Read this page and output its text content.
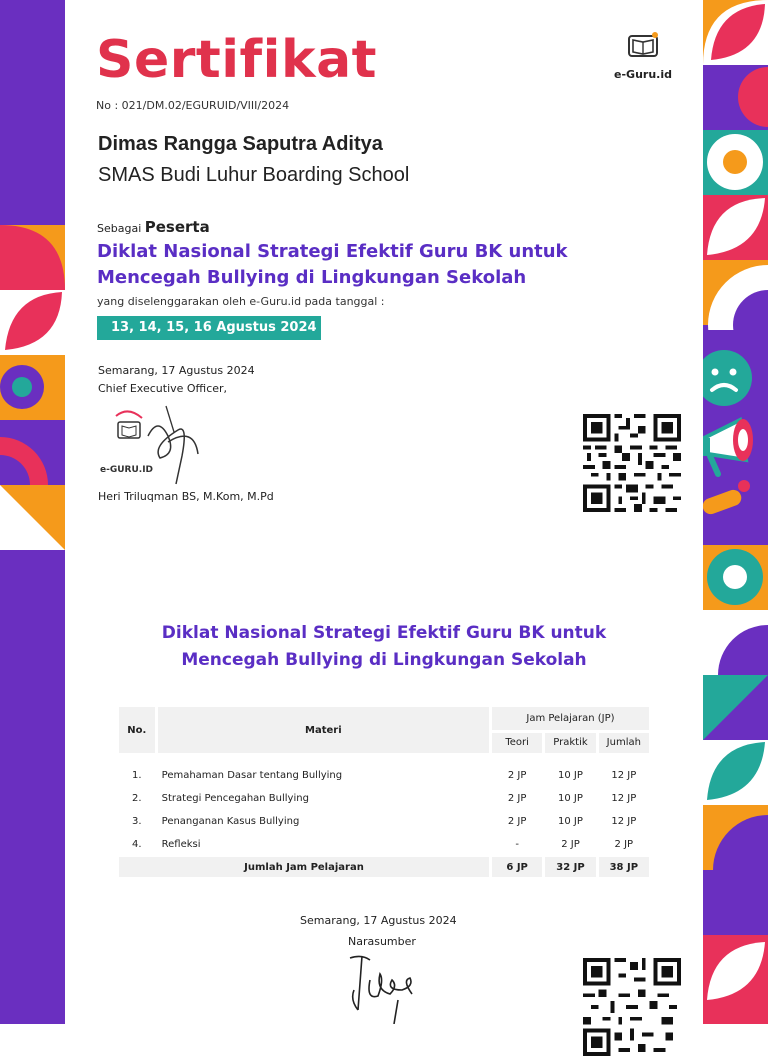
Sertifikat
No : 021/DM.02/EGURUID/VIII/2024
e-Guru.id
Dimas Rangga Saputra Aditya
SMAS Budi Luhur Boarding School
Sebagai Peserta
Diklat Nasional Strategi Efektif Guru BK untuk
Mencegah Bullying di Lingkungan Sekolah
yang diselenggarakan oleh e-Guru.id pada tanggal :
13, 14, 15, 16 Agustus 2024
Semarang, 17 Agustus 2024
Chief Executive Officer,
e-GURU.ID
Heri Triluqman BS, M.Kom, M.Pd
Diklat Nasional Strategi Efektif Guru BK untuk
Mencegah Bullying di Lingkungan Sekolah
No.	Materi	Jam Pelajaran (JP)		
		Teori	Praktik	Jumlah

1.	Pemahaman Dasar tentang Bullying	2 JP	10 JP	12 JP
2.	Strategi Pencegahan Bullying	2 JP	10 JP	12 JP
3.	Penanganan Kasus Bullying	2 JP	10 JP	12 JP
4.	Refleksi	-	2 JP	2 JP
Jumlah Jam Pelajaran		6 JP	32 JP	38 JP
Semarang, 17 Agustus 2024
Narasumber
